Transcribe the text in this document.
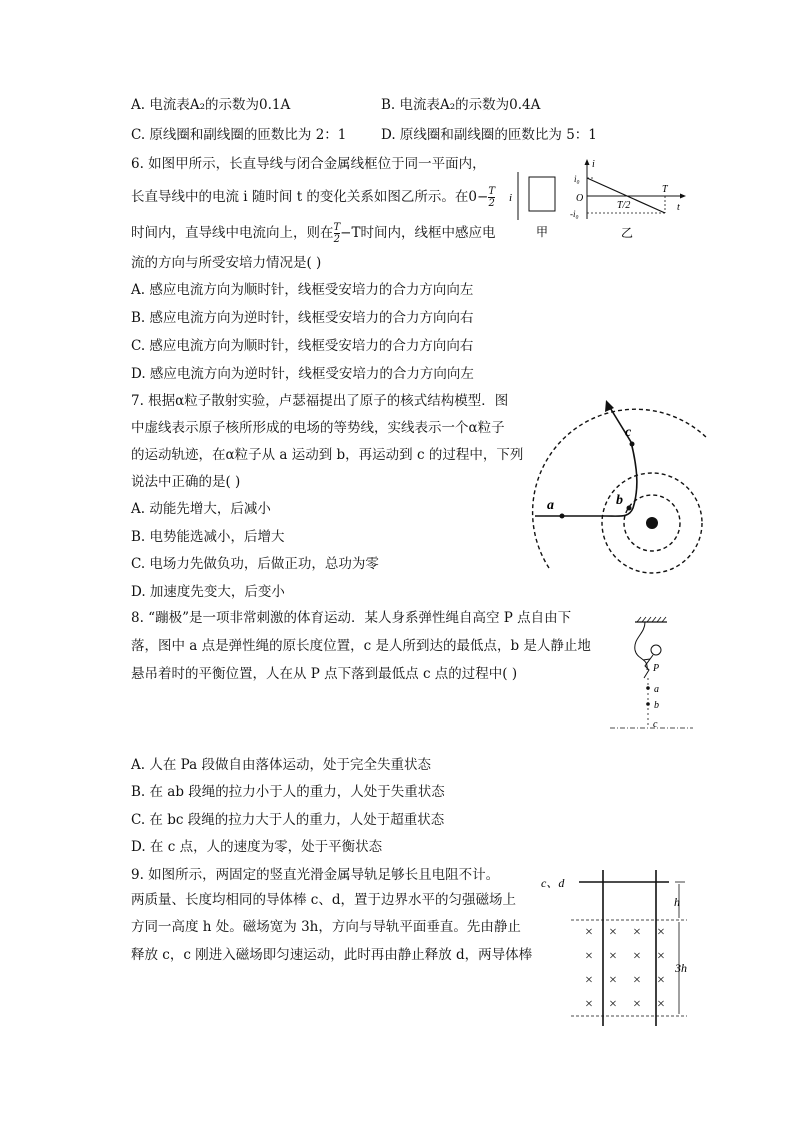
A. 电流表A₂的示数为0.1A	B. 电流表A₂的示数为0.4A
C. 原线圈和副线圈的匝数比为 2：1	D. 原线圈和副线圈的匝数比为 5：1
6. 如图甲所示，长直导线与闭合金属线框位于同一平面内，
长直导线中的电流 i 随时间 t 的变化关系如图乙所示。在$0- \frac{T}{2}$
时间内，直导线中电流向上，则在 $\frac{T}{2} -T$时间内，线框中感应电
流的方向与所受安培力情况是( )
A. 感应电流方向为顺时针，线框受安培力的合力方向向左
B. 感应电流方向为逆时针，线框受安培力的合力方向向右
C. 感应电流方向为顺时针，线框受安培力的合力方向向右
D. 感应电流方向为逆时针，线框受安培力的合力方向向左
i
甲
i
i₀
-i₀
O
T
T/2	t
乙
7. 根据α粒子散射实验，卢瑟福提出了原子的核式结构模型．图
中虚线表示原子核所形成的电场的等势线，实线表示一个α粒子
的运动轨迹，在α粒子从 a 运动到 b，再运动到 c 的过程中，下列
说法中正确的是( )
A. 动能先增大，后减小
B. 电势能选减小，后增大
C. 电场力先做负功，后做正功，总功为零
D. 加速度先变大，后变小
a	b
c
8. “蹦极”是一项非常刺激的体育运动．某人身系弹性绳自高空 P 点自由下
落，图中 a 点是弹性绳的原长度位置，c 是人所到达的最低点，b 是人静止地
悬吊着时的平衡位置，人在从 P 点下落到最低点 c 点的过程中( )
A. 人在 Pa 段做自由落体运动，处于完全失重状态
B. 在 ab 段绳的拉力小于人的重力，人处于失重状态
C. 在 bc 段绳的拉力大于人的重力，人处于超重状态
D. 在 c 点，人的速度为零，处于平衡状态
P
a
b
c
9. 如图所示，两固定的竖直光滑金属导轨足够长且电阻不计。
两质量、长度均相同的导体棒 c、d，置于边界水平的匀强磁场上
方同一高度 h 处。磁场宽为 3h，方向与导轨平面垂直。先由静止
释放 c，c 刚进入磁场即匀速运动，此时再由静止释放 d，两导体棒
c、d
h
3h
× × × ×
× × × ×
× × × ×
× × × ×
